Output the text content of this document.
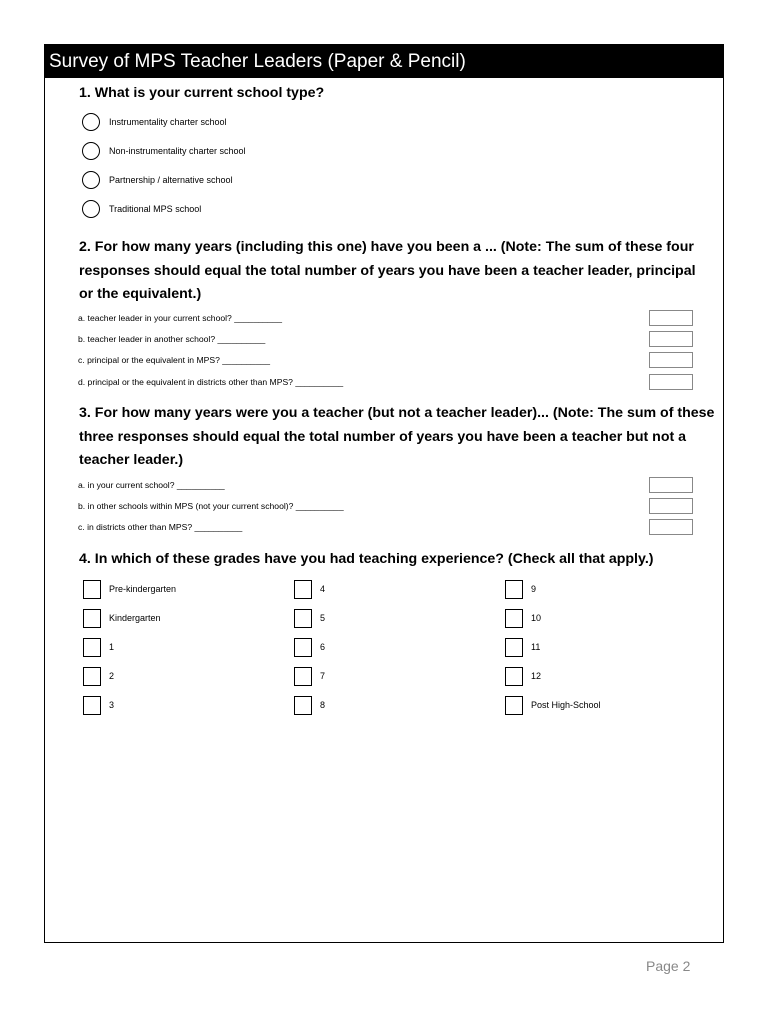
Survey of MPS Teacher Leaders (Paper & Pencil)
1. What is your current school type?
Instrumentality charter school
Non-instrumentality charter school
Partnership / alternative school
Traditional MPS school
2. For how many years (including this one) have you been a ... (Note: The sum of these four responses should equal the total number of years you have been a teacher leader, principal or the equivalent.)
a. teacher leader in your current school? __________
b. teacher leader in another school? __________
c. principal or the equivalent in MPS? __________
d. principal or the equivalent in districts other than MPS? __________
3. For how many years were you a teacher (but not a teacher leader)... (Note: The sum of these three responses should equal the total number of years you have been a teacher but not a teacher leader.)
a. in your current school? __________
b. in other schools within MPS (not your current school)? __________
c. in districts other than MPS? __________
4. In which of these grades have you had teaching experience? (Check all that apply.)
Pre-kindergarten
Kindergarten
1
2
3
4
5
6
7
8
9
10
11
12
Post High-School
Page 2
